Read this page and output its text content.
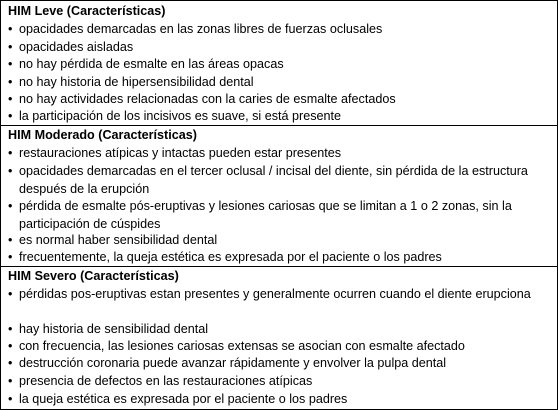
HIM Leve (Características)
• opacidades demarcadas en las zonas libres de fuerzas oclusales
• opacidades aisladas
• no hay pérdida de esmalte en las áreas opacas
• no hay historia de hipersensibilidad dental
• no hay actividades relacionadas con la caries de esmalte afectados
• la participación de los incisivos es suave, si está presente
HIM Moderado (Características)
• restauraciones atípicas y intactas pueden estar presentes
• opacidades demarcadas en el tercer oclusal / incisal del diente, sin pérdida de la estructura después de la erupción
• pérdida de esmalte pós-eruptivas y lesiones cariosas que se limitan a 1 o 2 zonas, sin la participación de cúspides
• es normal haber sensibilidad dental
• frecuentemente, la queja estética es expresada por el paciente o los padres
HIM Severo (Características)
• pérdidas pos-eruptivas estan presentes y generalmente ocurren cuando el diente erupciona
• hay historia de sensibilidad dental
• con frecuencia, las lesiones cariosas extensas se asocian con esmalte afectado
• destrucción coronaria puede avanzar rápidamente y envolver la pulpa dental
• presencia de defectos en las restauraciones atípicas
• la queja estética es expresada por el paciente o los padres
